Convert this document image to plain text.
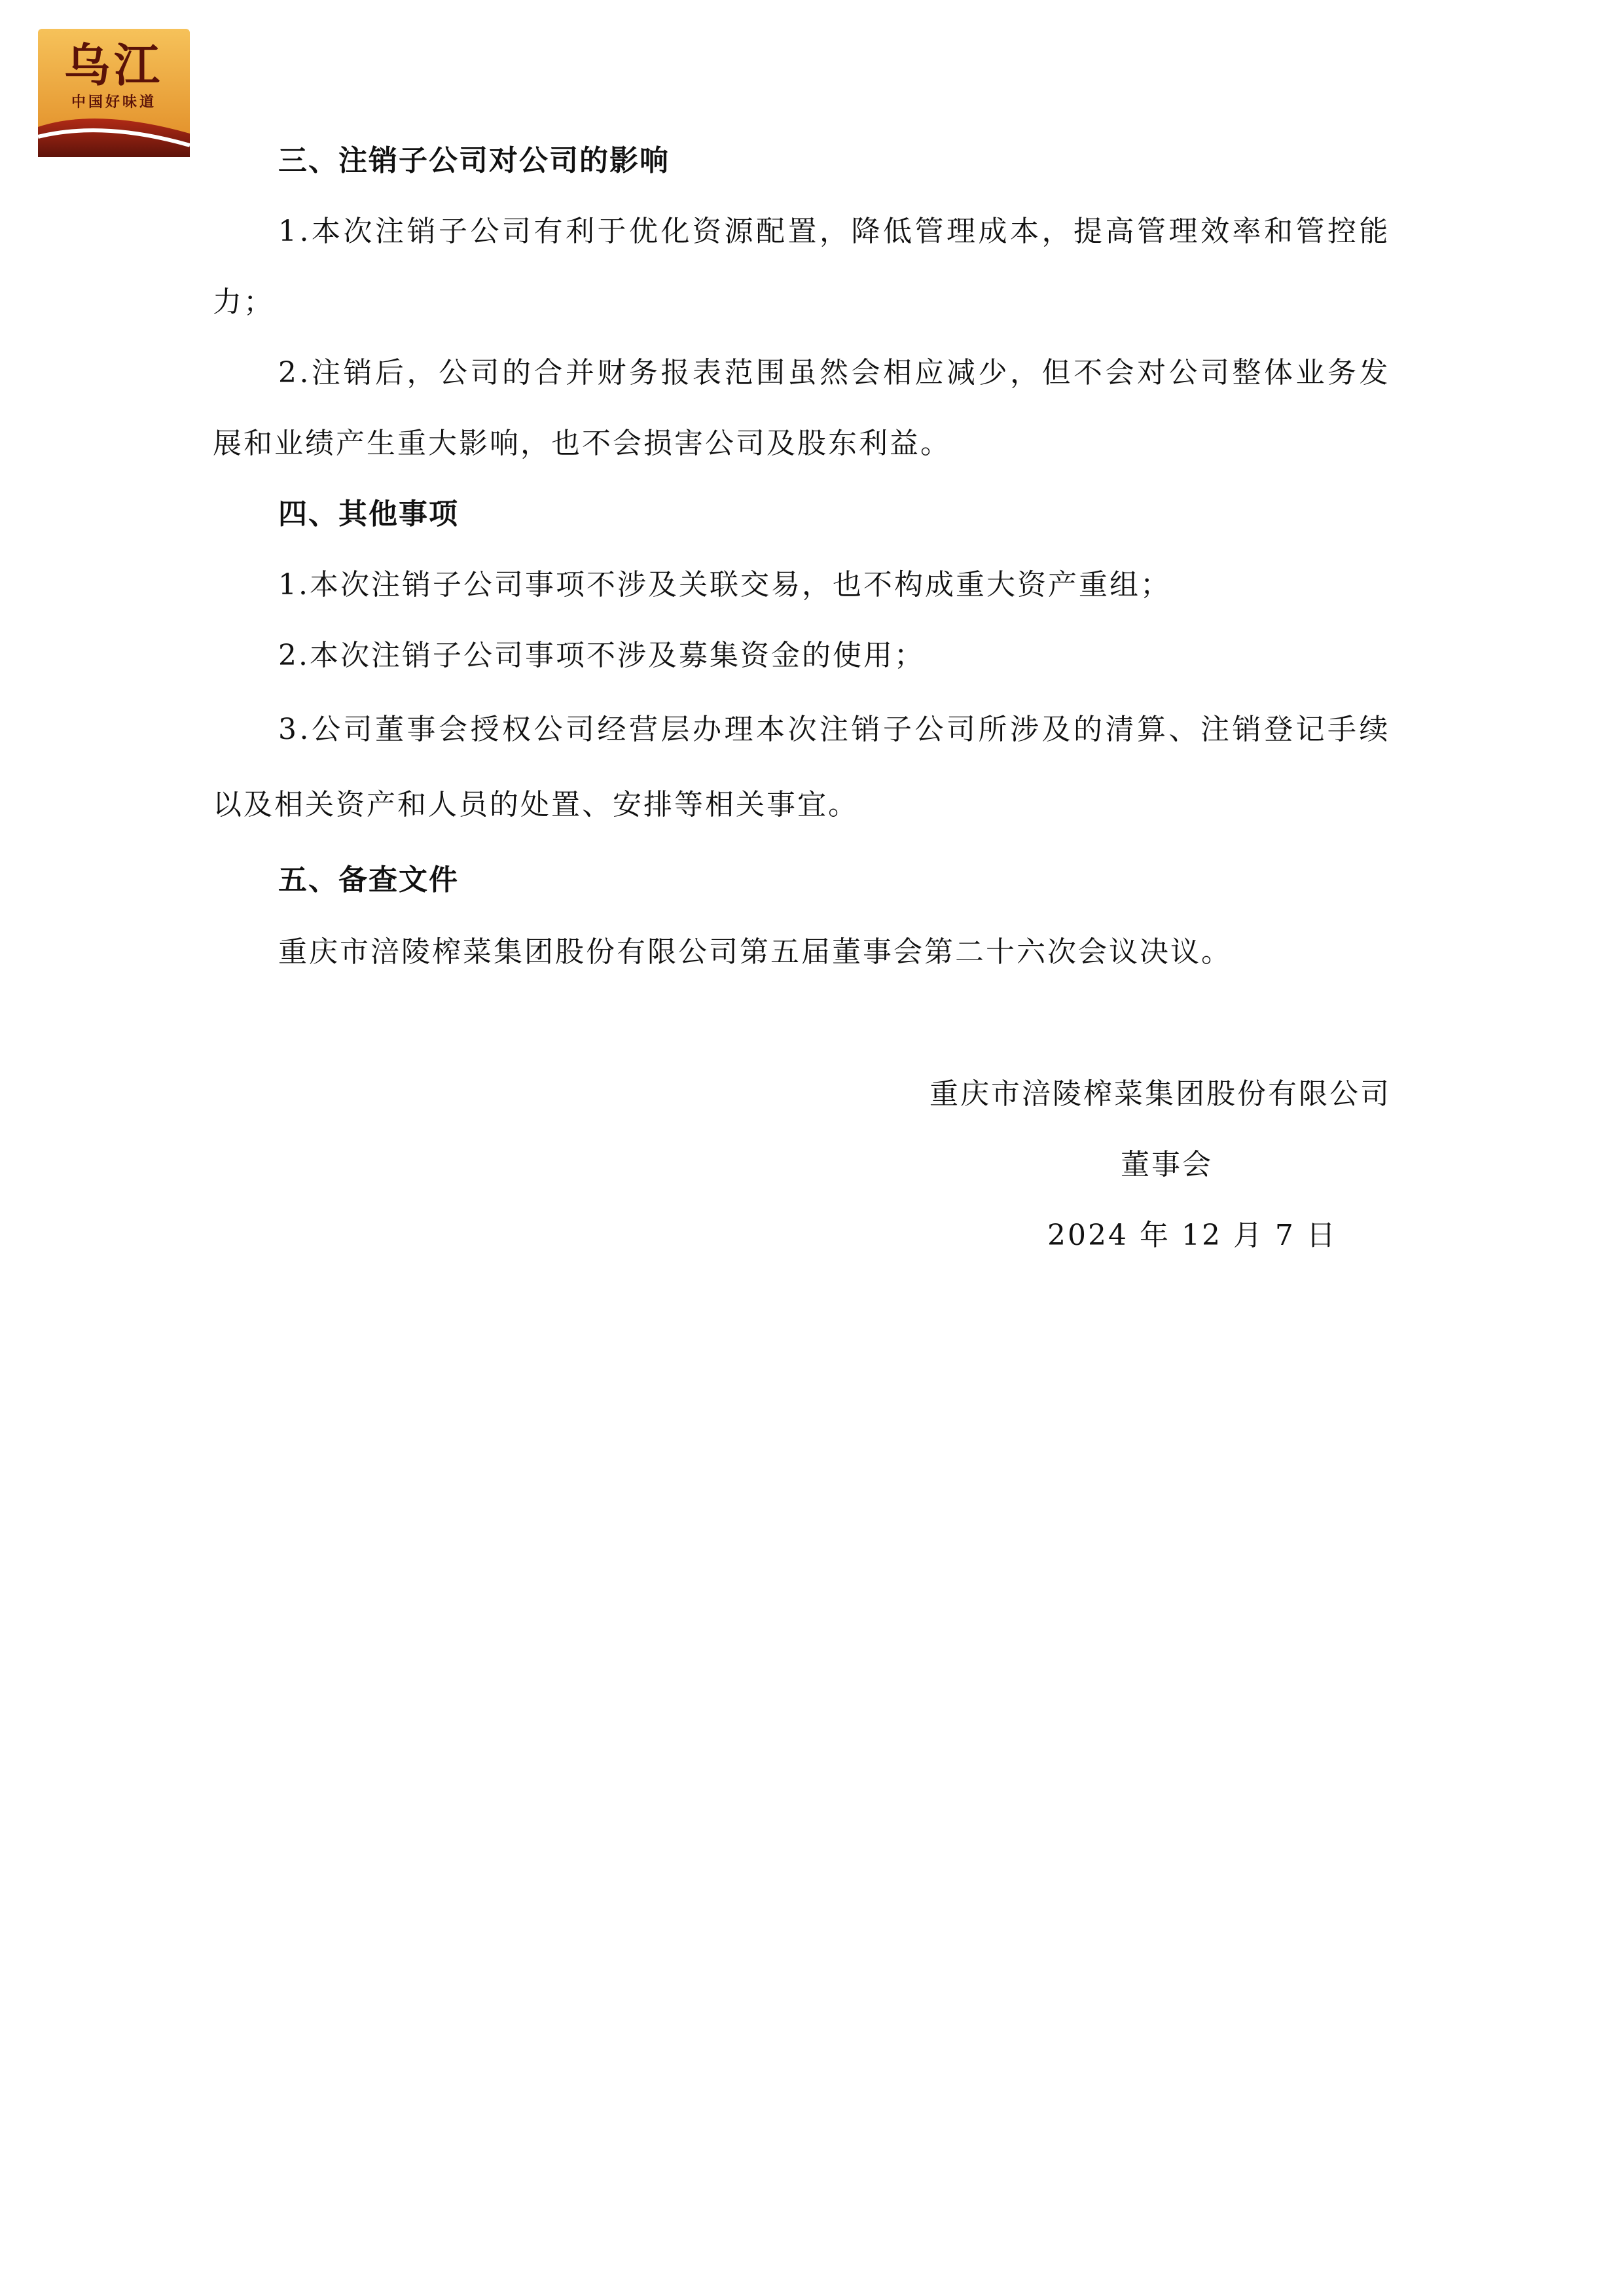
乌江
中国好味道
三、注销子公司对公司的影响
1.本次注销子公司有利于优化资源配置，降低管理成本，提高管理效率和管控能
力；
2.注销后，公司的合并财务报表范围虽然会相应减少，但不会对公司整体业务发
展和业绩产生重大影响，也不会损害公司及股东利益。
四、其他事项
1.本次注销子公司事项不涉及关联交易，也不构成重大资产重组；
2.本次注销子公司事项不涉及募集资金的使用；
3.公司董事会授权公司经营层办理本次注销子公司所涉及的清算、注销登记手续
以及相关资产和人员的处置、安排等相关事宜。
五、备查文件
重庆市涪陵榨菜集团股份有限公司第五届董事会第二十六次会议决议。
重庆市涪陵榨菜集团股份有限公司
董事会
2024 年 12 月 7 日
